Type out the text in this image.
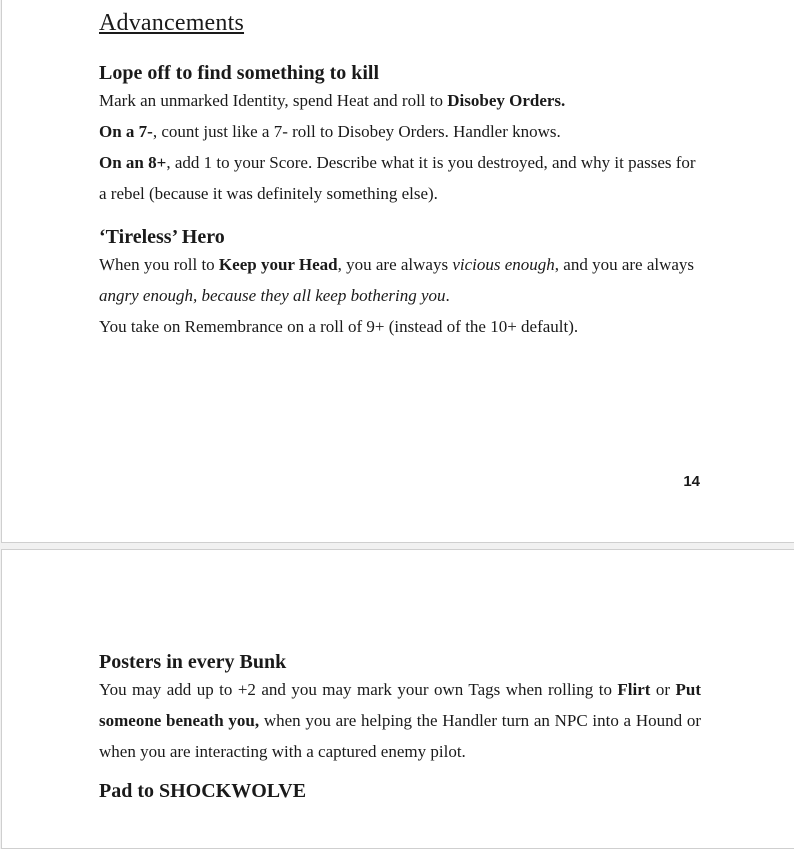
Advancements
Lope off to find something to kill

Mark an unmarked Identity, spend Heat and roll to Disobey Orders.

On a 7-, count just like a 7- roll to Disobey Orders. Handler knows.

On an 8+, add 1 to your Score. Describe what it is you destroyed, and why it passes for a rebel (because it was definitely something else).

‘Tireless’ Hero

When you roll to Keep your Head, you are always vicious enough, and you are always angry enough, because they all keep bothering you.

You take on Remembrance on a roll of 9+ (instead of the 10+ default).

14
Posters in every Bunk

You may add up to +2 and you may mark your own Tags when rolling to Flirt or Put someone beneath you, when you are helping the Handler turn an NPC into a Hound or when you are interacting with a captured enemy pilot.

Pad to SHOCKWOLVE
